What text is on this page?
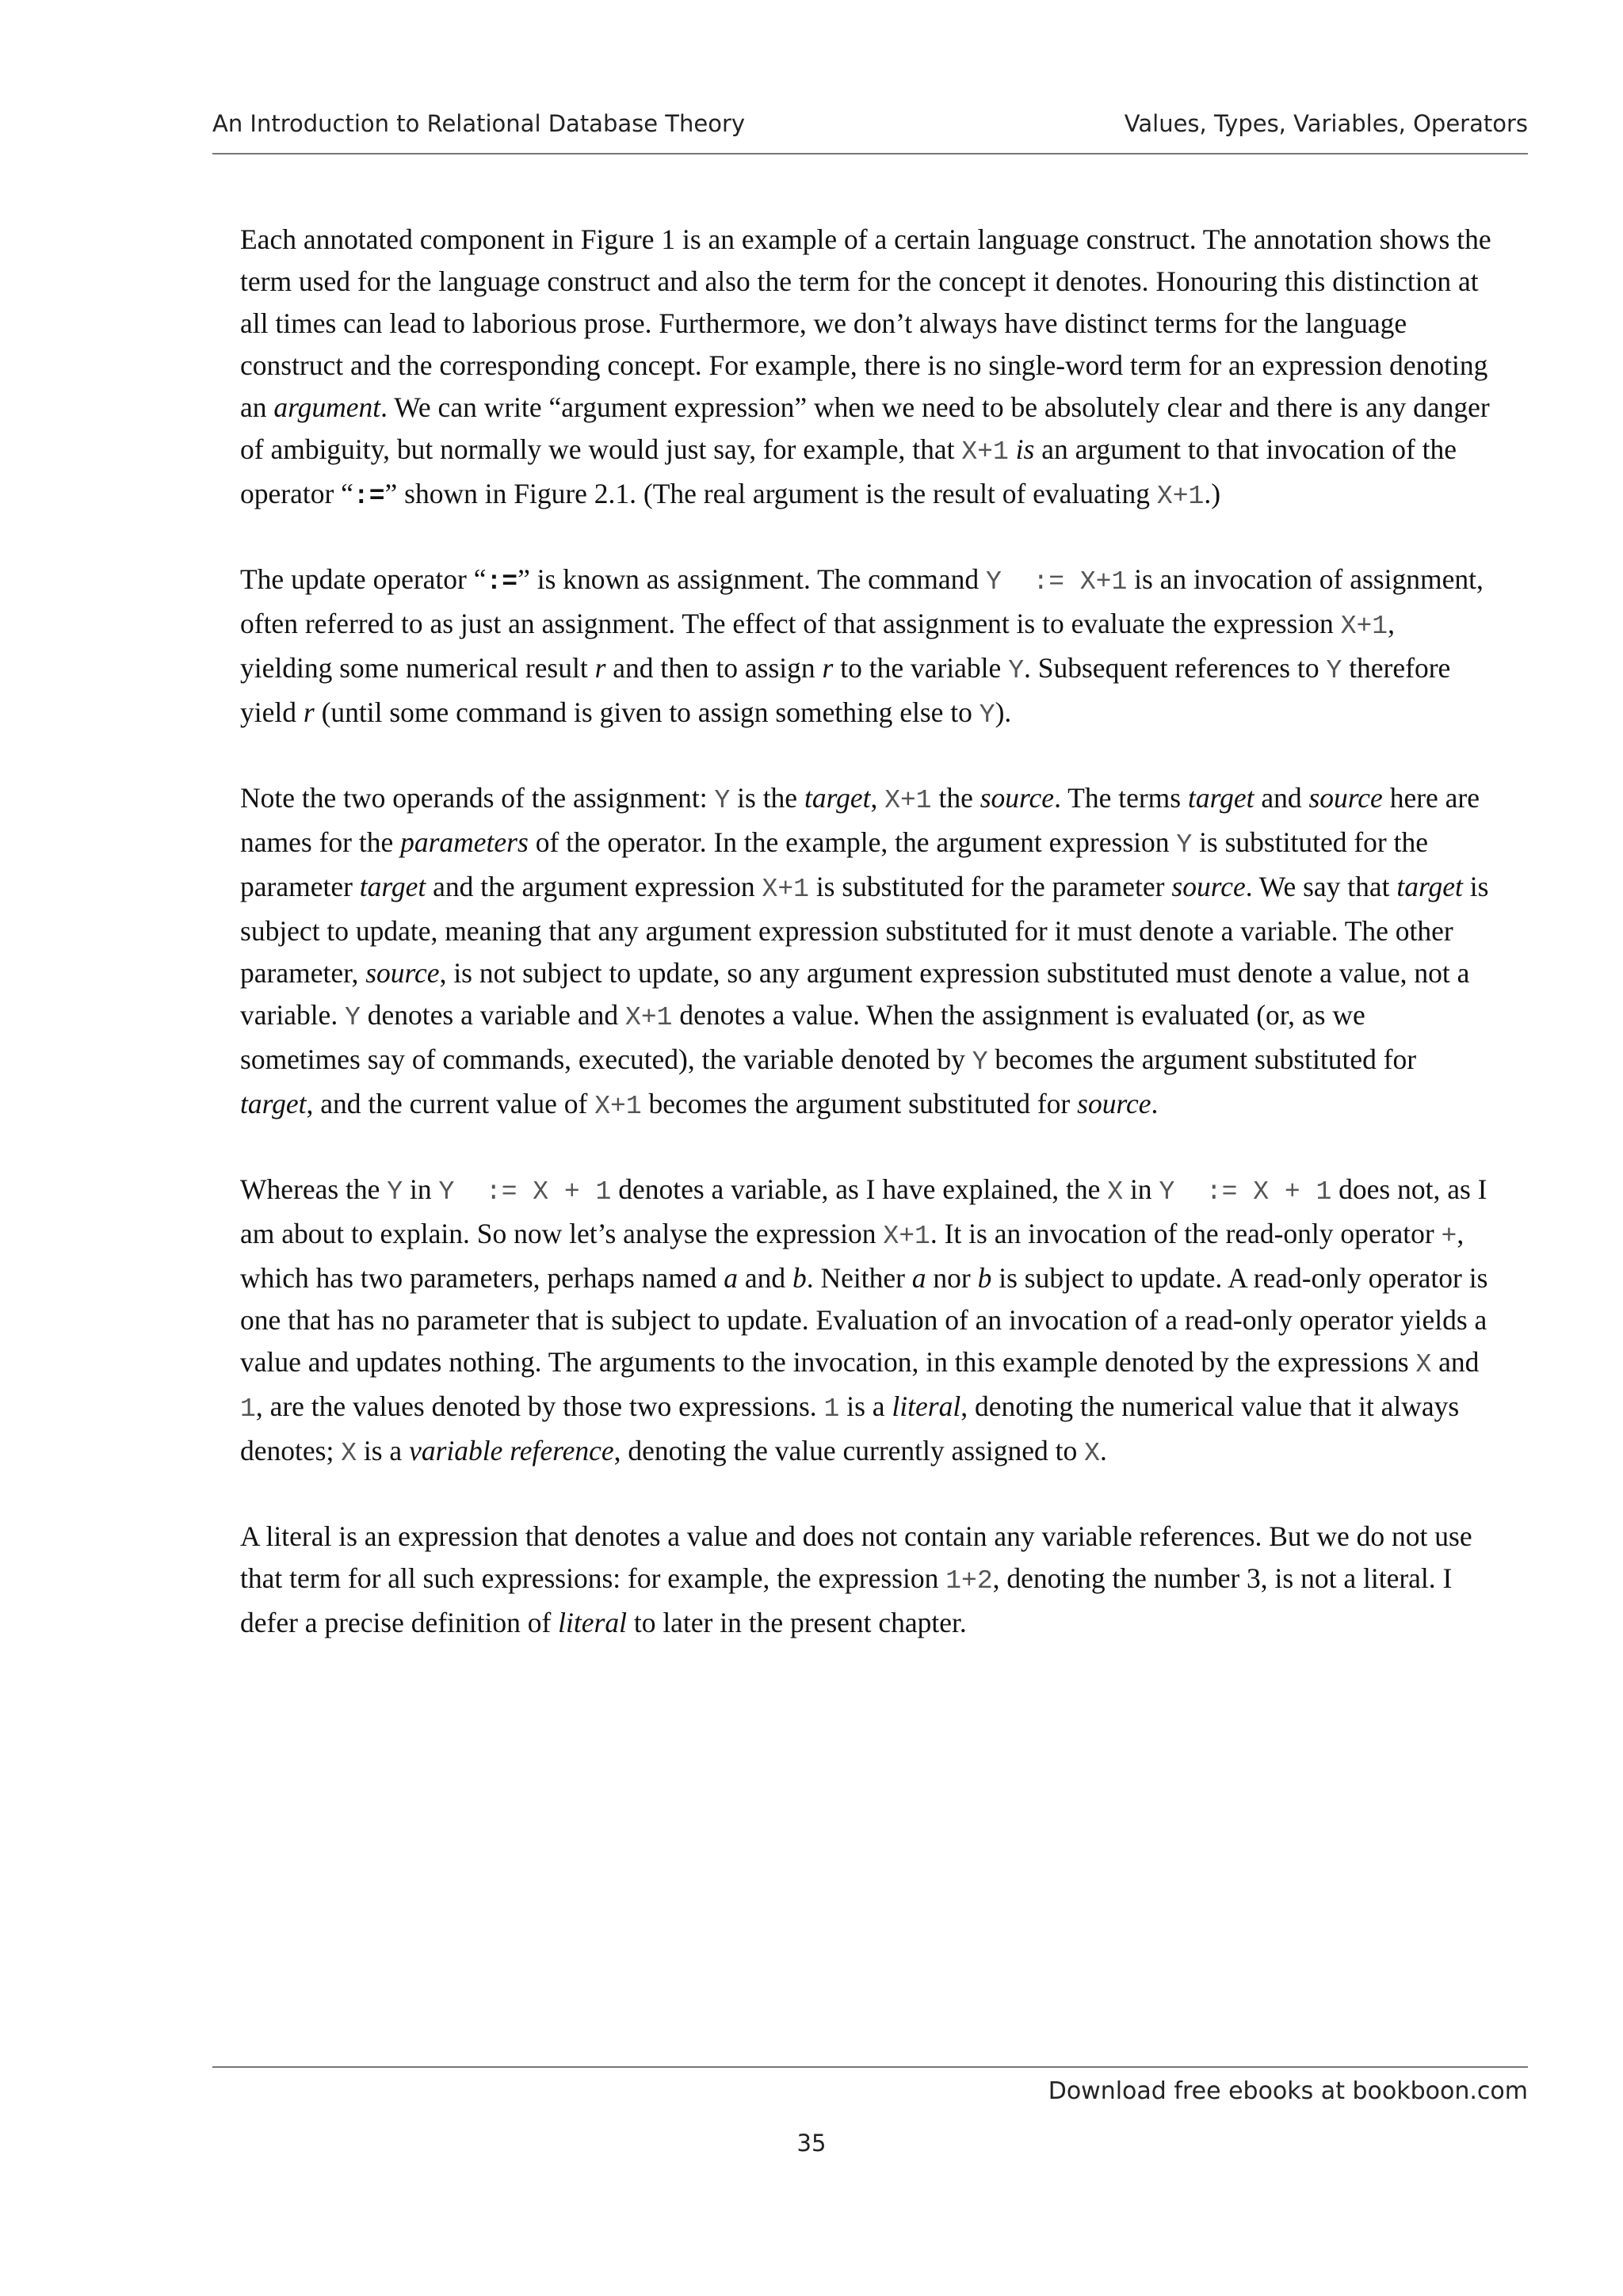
An Introduction to Relational Database Theory	Values, Types, Variables, Operators

Each annotated component in Figure 1 is an example of a certain language construct. The annotation shows the term used for the language construct and also the term for the concept it denotes. Honouring this distinction at all times can lead to laborious prose. Furthermore, we don’t always have distinct terms for the language construct and the corresponding concept. For example, there is no single-word term for an expression denoting an argument. We can write “argument expression” when we need to be absolutely clear and there is any danger of ambiguity, but normally we would just say, for example, that X+1 is an argument to that invocation of the operator “:=” shown in Figure 2.1. (The real argument is the result of evaluating X+1.)

The update operator “:=” is known as assignment. The command Y  := X+1 is an invocation of assignment, often referred to as just an assignment. The effect of that assignment is to evaluate the expression X+1, yielding some numerical result r and then to assign r to the variable Y. Subsequent references to Y therefore yield r (until some command is given to assign something else to Y).

Note the two operands of the assignment: Y is the target, X+1 the source. The terms target and source here are names for the parameters of the operator. In the example, the argument expression Y is substituted for the parameter target and the argument expression X+1 is substituted for the parameter source. We say that target is subject to update, meaning that any argument expression substituted for it must denote a variable. The other parameter, source, is not subject to update, so any argument expression substituted must denote a value, not a variable. Y denotes a variable and X+1 denotes a value. When the assignment is evaluated (or, as we sometimes say of commands, executed), the variable denoted by Y becomes the argument substituted for target, and the current value of X+1 becomes the argument substituted for source.

Whereas the Y in Y  := X + 1 denotes a variable, as I have explained, the X in Y  := X + 1 does not, as I am about to explain. So now let’s analyse the expression X+1. It is an invocation of the read-only operator +, which has two parameters, perhaps named a and b. Neither a nor b is subject to update. A read-only operator is one that has no parameter that is subject to update. Evaluation of an invocation of a read-only operator yields a value and updates nothing. The arguments to the invocation, in this example denoted by the expressions X and 1, are the values denoted by those two expressions. 1 is a literal, denoting the numerical value that it always denotes; X is a variable reference, denoting the value currently assigned to X.

A literal is an expression that denotes a value and does not contain any variable references. But we do not use that term for all such expressions: for example, the expression 1+2, denoting the number 3, is not a literal. I defer a precise definition of literal to later in the present chapter.

Download free ebooks at bookboon.com
35
